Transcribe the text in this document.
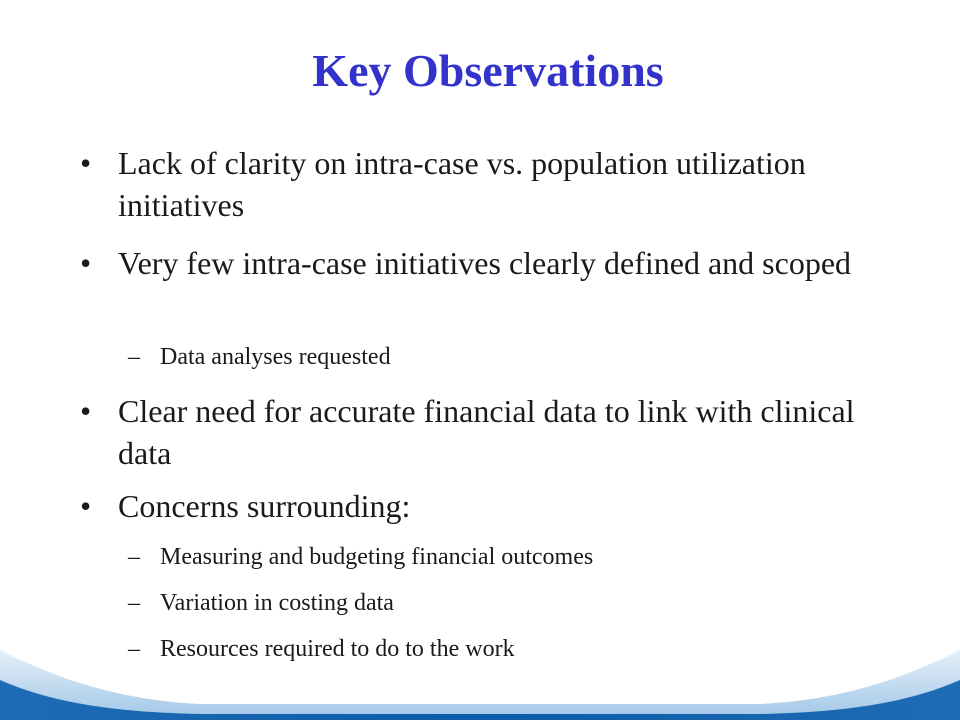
Key Observations
• Lack of clarity on intra-case vs. population utilization initiatives
• Very few intra-case initiatives clearly defined and scoped
– Data analyses requested
• Clear need for accurate financial data to link with clinical data
• Concerns surrounding:
– Measuring and budgeting financial outcomes
– Variation in costing data
– Resources required to do to the work
